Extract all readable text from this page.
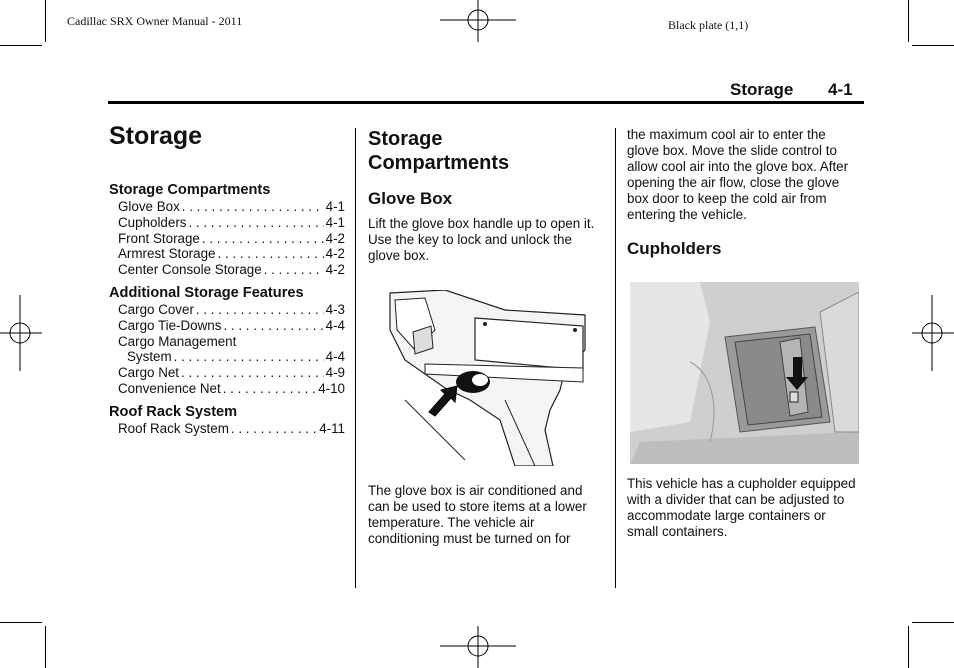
Cadillac SRX Owner Manual - 2011	Black plate (1,1)
Storage 4-1
Storage
Storage Compartments
Glove Box . . .	4-1
Cupholders . . .	4-1
Front Storage . . .	4-2
Armrest Storage . . .	4-2
Center Console Storage . . .	4-2
Additional Storage Features
Cargo Cover . . .	4-3
Cargo Tie-Downs . . .	4-4
Cargo Management
System . . .	4-4
Cargo Net . . .	4-9
Convenience Net . . .	4-10
Roof Rack System
Roof Rack System . . .	4-11
Storage Compartments
Glove Box
Lift the glove box handle up to open it. Use the key to lock and unlock the glove box.
The glove box is air conditioned and can be used to store items at a lower temperature. The vehicle air conditioning must be turned on for
the maximum cool air to enter the glove box. Move the slide control to allow cool air into the glove box. After opening the air flow, close the glove box door to keep the cold air from entering the vehicle.
Cupholders
This vehicle has a cupholder equipped with a divider that can be adjusted to accommodate large containers or small containers.
